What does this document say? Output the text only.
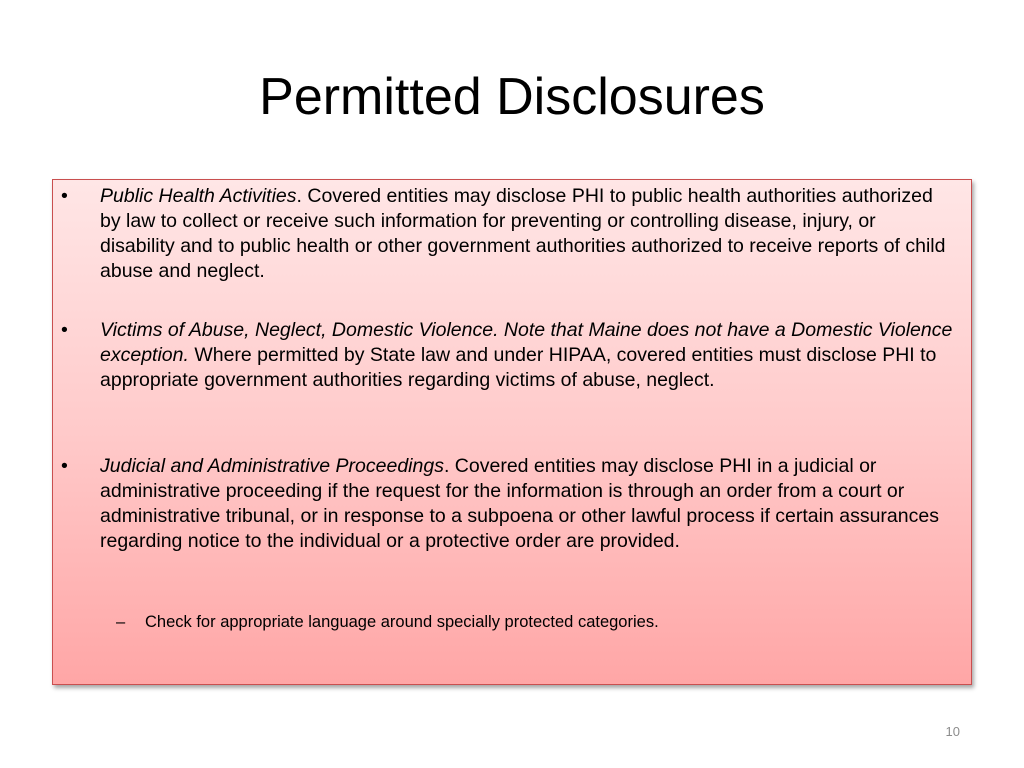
Permitted Disclosures
• Public Health Activities. Covered entities may disclose PHI to public health authorities authorized by law to collect or receive such information for preventing or controlling disease, injury, or disability and to public health or other government authorities authorized to receive reports of child abuse and neglect.
• Victims of Abuse, Neglect, Domestic Violence. Note that Maine does not have a Domestic Violence exception. Where permitted by State law and under HIPAA, covered entities must disclose PHI to appropriate government authorities regarding victims of abuse, neglect.
• Judicial and Administrative Proceedings. Covered entities may disclose PHI in a judicial or administrative proceeding if the request for the information is through an order from a court or administrative tribunal, or in response to a subpoena or other lawful process if certain assurances regarding notice to the individual or a protective order are provided.
– Check for appropriate language around specially protected categories.
10
